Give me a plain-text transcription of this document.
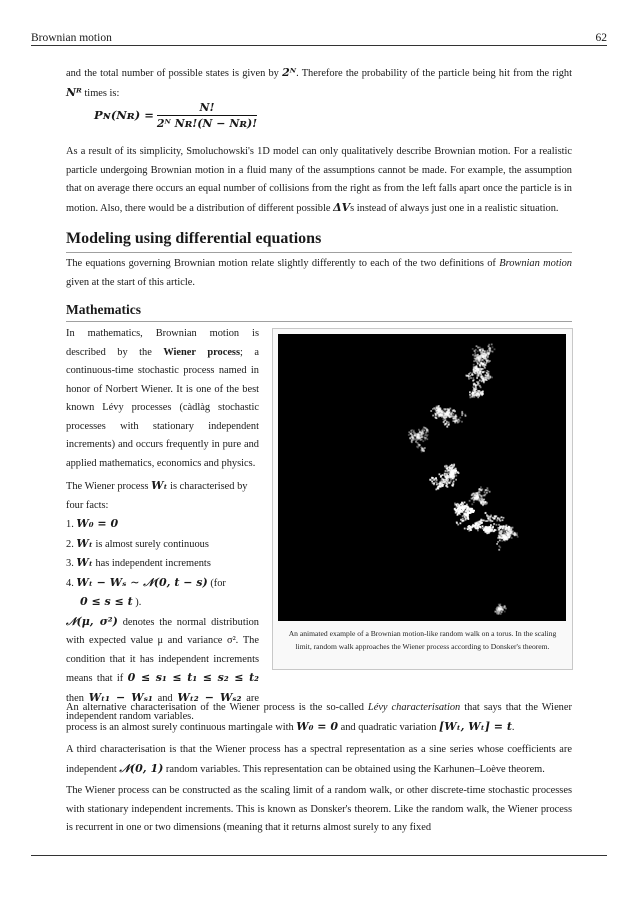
Brownian motion	62
and the total number of possible states is given by 2ᴺ. Therefore the probability of the particle being hit from the right Nᴿ times is:
Pɴ(Nʀ) = $\frac{N!}{\text{2ᴺ Nʀ!(N − Nʀ)!}}$
As a result of its simplicity, Smoluchowski's 1D model can only qualitatively describe Brownian motion. For a realistic particle undergoing Brownian motion in a fluid many of the assumptions cannot be made. For example, the assumption that on average there occurs an equal number of collisions from the right as from the left falls apart once the particle is in motion. Also, there would be a distribution of different possible ΔVs instead of always just one in a realistic situation.
Modeling using differential equations
The equations governing Brownian motion relate slightly differently to each of the two definitions of Brownian motion given at the start of this article.
Mathematics

In mathematics, Brownian motion is described by the Wiener process; a continuous-time stochastic process named in honor of Norbert Wiener. It is one of the best known Lévy processes (càdlàg stochastic processes with stationary independent increments) and occurs frequently in pure and applied mathematics, economics and physics.

The Wiener process Wₜ is characterised by four facts:

1. W₀ = 0
2. Wₜ is almost surely continuous
3. Wₜ has independent increments
4. Wₜ − Wₛ ∼ 𝒩(0, t − s) (for
0 ≤ s ≤ t ).

𝒩(μ, σ²) denotes the normal distribution with expected value μ and variance σ². The condition that it has independent increments means that if 0 ≤ s₁ ≤ t₁ ≤ s₂ ≤ t₂ then Wₜ₁ − Wₛ₁ and Wₜ₂ − Wₛ₂ are independent random variables.

An animated example of a Brownian motion-like random walk on a torus. In the scaling limit, random walk approaches the Wiener process according to Donsker's theorem.
An alternative characterisation of the Wiener process is the so-called Lévy characterisation that says that the Wiener process is an almost surely continuous martingale with W₀ = 0 and quadratic variation [Wₜ, Wₜ] = t.
A third characterisation is that the Wiener process has a spectral representation as a sine series whose coefficients are independent 𝒩(0, 1) random variables. This representation can be obtained using the Karhunen–Loève theorem.
The Wiener process can be constructed as the scaling limit of a random walk, or other discrete-time stochastic processes with stationary independent increments. This is known as Donsker's theorem. Like the random walk, the Wiener process is recurrent in one or two dimensions (meaning that it returns almost surely to any fixed
